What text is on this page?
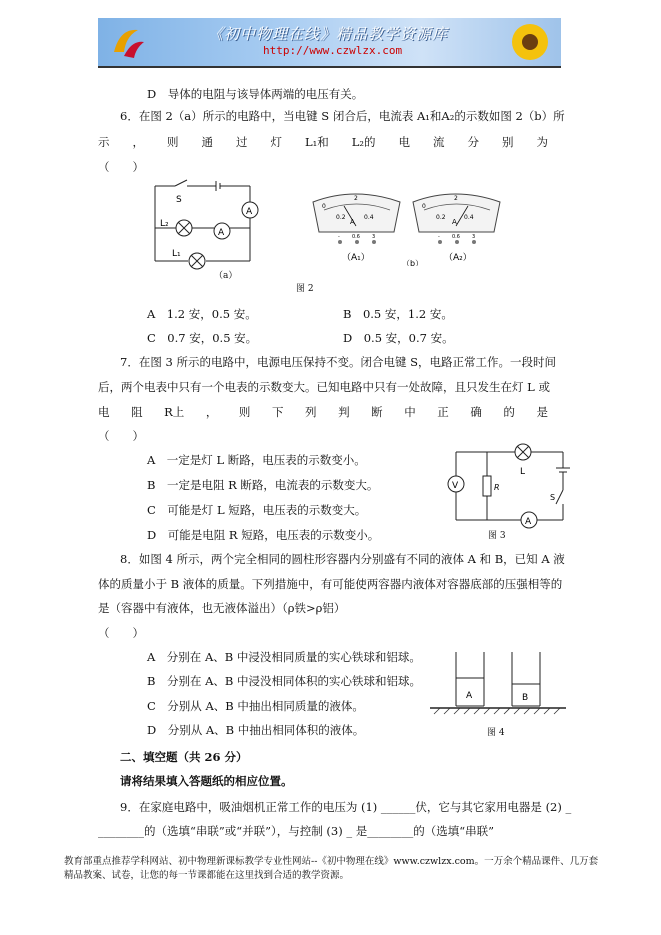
《初中物理在线》精品教学资源库
http://www.czwlzx.com
D　导体的电阻与该导体两端的电压有关。
6．在图 2（a）所示的电路中，当电键 S 闭合后，电流表 A₁和A₂的示数如图 2（b）所
示 ， 则 通 过 灯 L₁和 L₂的 电 流 分 别 为
（　　）
S
A
A
L₂
L₁
（a）
0
2
0.2	0.4
A
0
2
0.2	0.4
A
- 0.6 3	- 0.6 3
（A₁）	（A₂）
（b）
图 2
A　1.2 安，0.5 安。	B　0.5 安，1.2 安。
C　0.7 安，0.5 安。	D　0.5 安，0.7 安。
7．在图 3 所示的电路中，电源电压保持不变。闭合电键 S，电路正常工作。一段时间
后，两个电表中只有一个电表的示数变大。已知电路中只有一处故障，且只发生在灯 L 或
电 阻 R上 ， 则 下 列 判 断 中 正 确 的 是
（　　）
A　一定是灯 L 断路，电压表的示数变小。
B　一定是电阻 R 断路，电流表的示数变大。
C　可能是灯 L 短路，电压表的示数变大。
D　可能是电阻 R 短路，电压表的示数变小。
V
A
L
R
S
图 3
8．如图 4 所示，两个完全相同的圆柱形容器内分别盛有不同的液体 A 和 B，已知 A 液
体的质量小于 B 液体的质量。下列措施中，有可能使两容器内液体对容器底部的压强相等的
是（容器中有液体，也无液体溢出）（ρ铁>ρ铝）
（　　）
A　分别在 A、B 中浸没相同质量的实心铁球和铝球。
B　分别在 A、B 中浸没相同体积的实心铁球和铝球。
C　分别从 A、B 中抽出相同质量的液体。
D　分别从 A、B 中抽出相同体积的液体。
A	B
图 4
二、填空题（共 26 分）
请将结果填入答题纸的相应位置。
9．在家庭电路中，吸油烟机正常工作的电压为 (1) ______伏，它与其它家用电器是 (2) _
________的（选填“串联”或“并联”），与控制 (3) _ 是________的（选填“串联”
教育部重点推荐学科网站、初中物理新课标教学专业性网站--《初中物理在线》www.czwlzx.com。一万余个精品课件、几万套精品教案、试卷，让您的每一节课都能在这里找到合适的教学资源。
